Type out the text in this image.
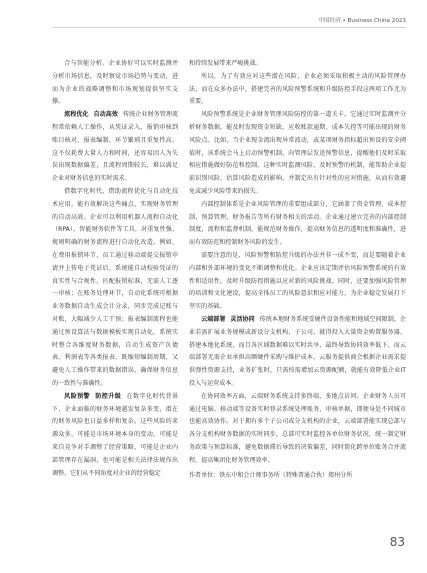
中国经济 • Business China 2023

合与智能分析。企业协好可以实时监测并分析市场信息，及时察觉市场趋势与变动，进而为企业的战略调整和市场规划提供坚实支撑。

流程优化 自动高效 传统企业财务管理流程常依赖人工操作，从凭证录入、报销审核到账目核对、报表编制，环节繁琐且重复性高。这不仅耗费大量人力和时间，还容易因人为失误出现数据偏差，且流程周期较长，难以满足企业对财务信息的实时需求。

借数字化时代，借助流程优化与自动化技术应用，能有效解决这些痛点，实现财务管理的自动高效。企业可以利用机器人流程自动化（RPA）、智能财务软件等工具，对重复性强、规则明确的财务流程进行自动化改造。例如，在费用报销环节，员工通过移动端提交报销申请并上传电子凭证后，系统能自动校验凭证的真实性与合规性，匹配报销标准，无需人工逐一审核；在账务处理环节，自动化系统可根据业务数据自动生成会计分录，同步完成记账与对账，大幅减少人工干预；报表编制流程也能通过预设算法与数据模板实现自动化，系统实时整合各维度财务数据，自动生成资产负债表、利润表等各类报表，既缩短编制周期，又避免人工操作带来的数据错误，确保财务信息的一致性与准确性。

风险预警 防控升级 在数字化时代背景下，企业面临的财务环境越发复杂多变，潜在的财务风险也日益多样和复杂。这些风险的来源众多，可能是市场环境本身的变动，可能是来自竞争对手调整了经营策略，可能是企业内部管理存在漏洞，也可能是相关法律法规作出调整，它们从不同角度对企业的经营稳定

和持续发展带来严峻挑战。

所以，为了有效应对这些潜在风险，企业必须采取积极主动的风险管理办法，而在众多办法中，搭建完善的风险预警系统和升级防控手段这两项工作尤为重要。

风险预警系统是企业财务管理风险防控的第一道关卡。它通过实时监测并分析财务数据，能及时发现资金短缺、应收账款逾期、成本失控等可能出现的财务风险点。比如，当企业现金流出现异常波动，或某项财务指标超出预设的安全阈值时，该系统会马上启动预警机制，向管理层发送预警信息，提醒他们及时采取相应措施做好防范和控制。这种实时监测风险、及时预警的机制，能帮助企业提前识别风险，估算风险造成的影响，并制定出有针对性的应对措施，从而有效避免或减少风险带来的损失。

内部控制体系是企业风险管理的重要组成部分，它涵盖了资金管理、成本控制、预算管理、财务报告等所有财务相关的活动。企业通过建立完善的内部控制制度，流程和监督机制，能规范财务操作，提高财务信息的透明度和准确性，进而有效防范和控制财务风险的发生。

需要注意的是，风险预警和防控升级的办法并非一成不变，而是要随着企业内部和外部环境的变化不断调整和优化。企业应该定期评估风险预警系统的有效性和适用性，及时升级防控措施以应对新的风险挑战。同时，还要加强风险管理的培训和文化建设，提高全体员工的风险意识和应对能力，为企业稳定发展打下坚实的基础。

云端部署 灵活协同 传统本地财务系统受硬件设备性能和地域空间限制，企业若需扩展业务规模或新设分支机构、子公司，就得投入大量资金购置服务器、搭建本地化系统，而且各区域数据难以实时共享，最终导致协同效率低下。而云端部署无需企业承担高额硬件采购与维护成本，云服务提供商会根据企业需求提供弹性资源支持，业务扩张时，只需按需增加云资源配额，就能有效降低企业IT投入与运营成本。

在协同效率方面，云端财务系统支持多终端、多地点访问。企业财务人员可通过电脑、移动端等设备实时登录系统处理账务、审核单据，即便身处不同城市也能高效协作。对于拥有多个子公司或分支机构的企业，云端部署能实现总部与各分支机构财务数据的实时同步，总部可实时监控各单位财务状况，统一制定财务政策与预算标准，避免数据滞后导致的决策偏差，同时简化跨单位账务合并流程，提高集团化财务管理效率。

作者单位：铁东中和会计师事务所（特殊普通合伙）郑州分所

83
